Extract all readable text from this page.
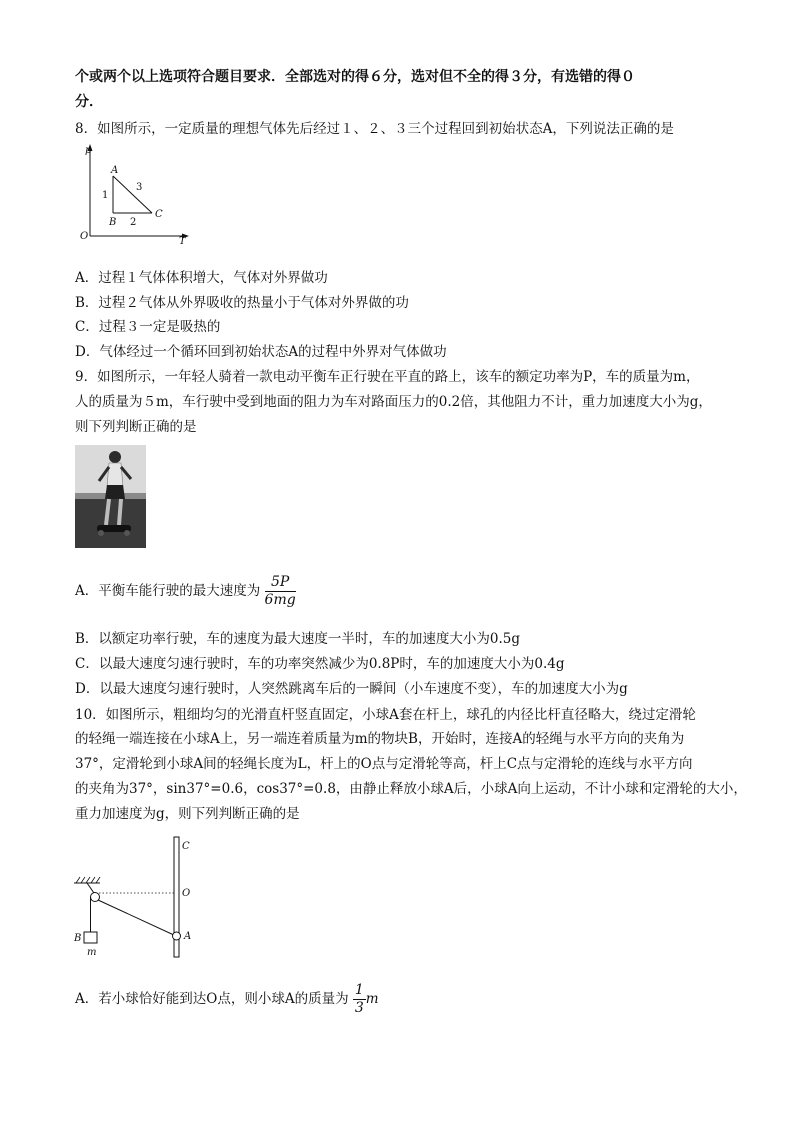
个或两个以上选项符合题目要求．全部选对的得６分，选对但不全的得３分，有选错的得０
分．
8．如图所示，一定质量的理想气体先后经过１、２、３三个过程回到初始状态A，下列说法正确的是
p
T
O
A
B
C
1
2
3
A．过程１气体体积增大，气体对外界做功
B．过程２气体从外界吸收的热量小于气体对外界做的功
C．过程３一定是吸热的
D．气体经过一个循环回到初始状态A的过程中外界对气体做功
9．如图所示，一年轻人骑着一款电动平衡车正行驶在平直的路上，该车的额定功率为P，车的质量为m，
人的质量为５m，车行驶中受到地面的阻力为车对路面压力的0.2倍，其他阻力不计，重力加速度大小为g，
则下列判断正确的是
A．平衡车能行驶的最大速度为 $\frac{5P}{6mg}$
B．以额定功率行驶，车的速度为最大速度一半时，车的加速度大小为0.5g
C．以最大速度匀速行驶时，车的功率突然减少为0.8P时，车的加速度大小为0.4g
D．以最大速度匀速行驶时，人突然跳离车后的一瞬间（小车速度不变），车的加速度大小为g
10．如图所示，粗细均匀的光滑直杆竖直固定，小球A套在杆上，球孔的内径比杆直径略大，绕过定滑轮
的轻绳一端连接在小球A上，另一端连着质量为m的物块B，开始时，连接A的轻绳与水平方向的夹角为
37°，定滑轮到小球A间的轻绳长度为L，杆上的O点与定滑轮等高，杆上C点与定滑轮的连线与水平方向
的夹角为37°，sin37°=0.6，cos37°=0.8，由静止释放小球A后，小球A向上运动，不计小球和定滑轮的大小，
重力加速度为g，则下列判断正确的是
C
O
A
B
m
A．若小球恰好能到达O点，则小球A的质量为 $\frac{1}{3}$ m
